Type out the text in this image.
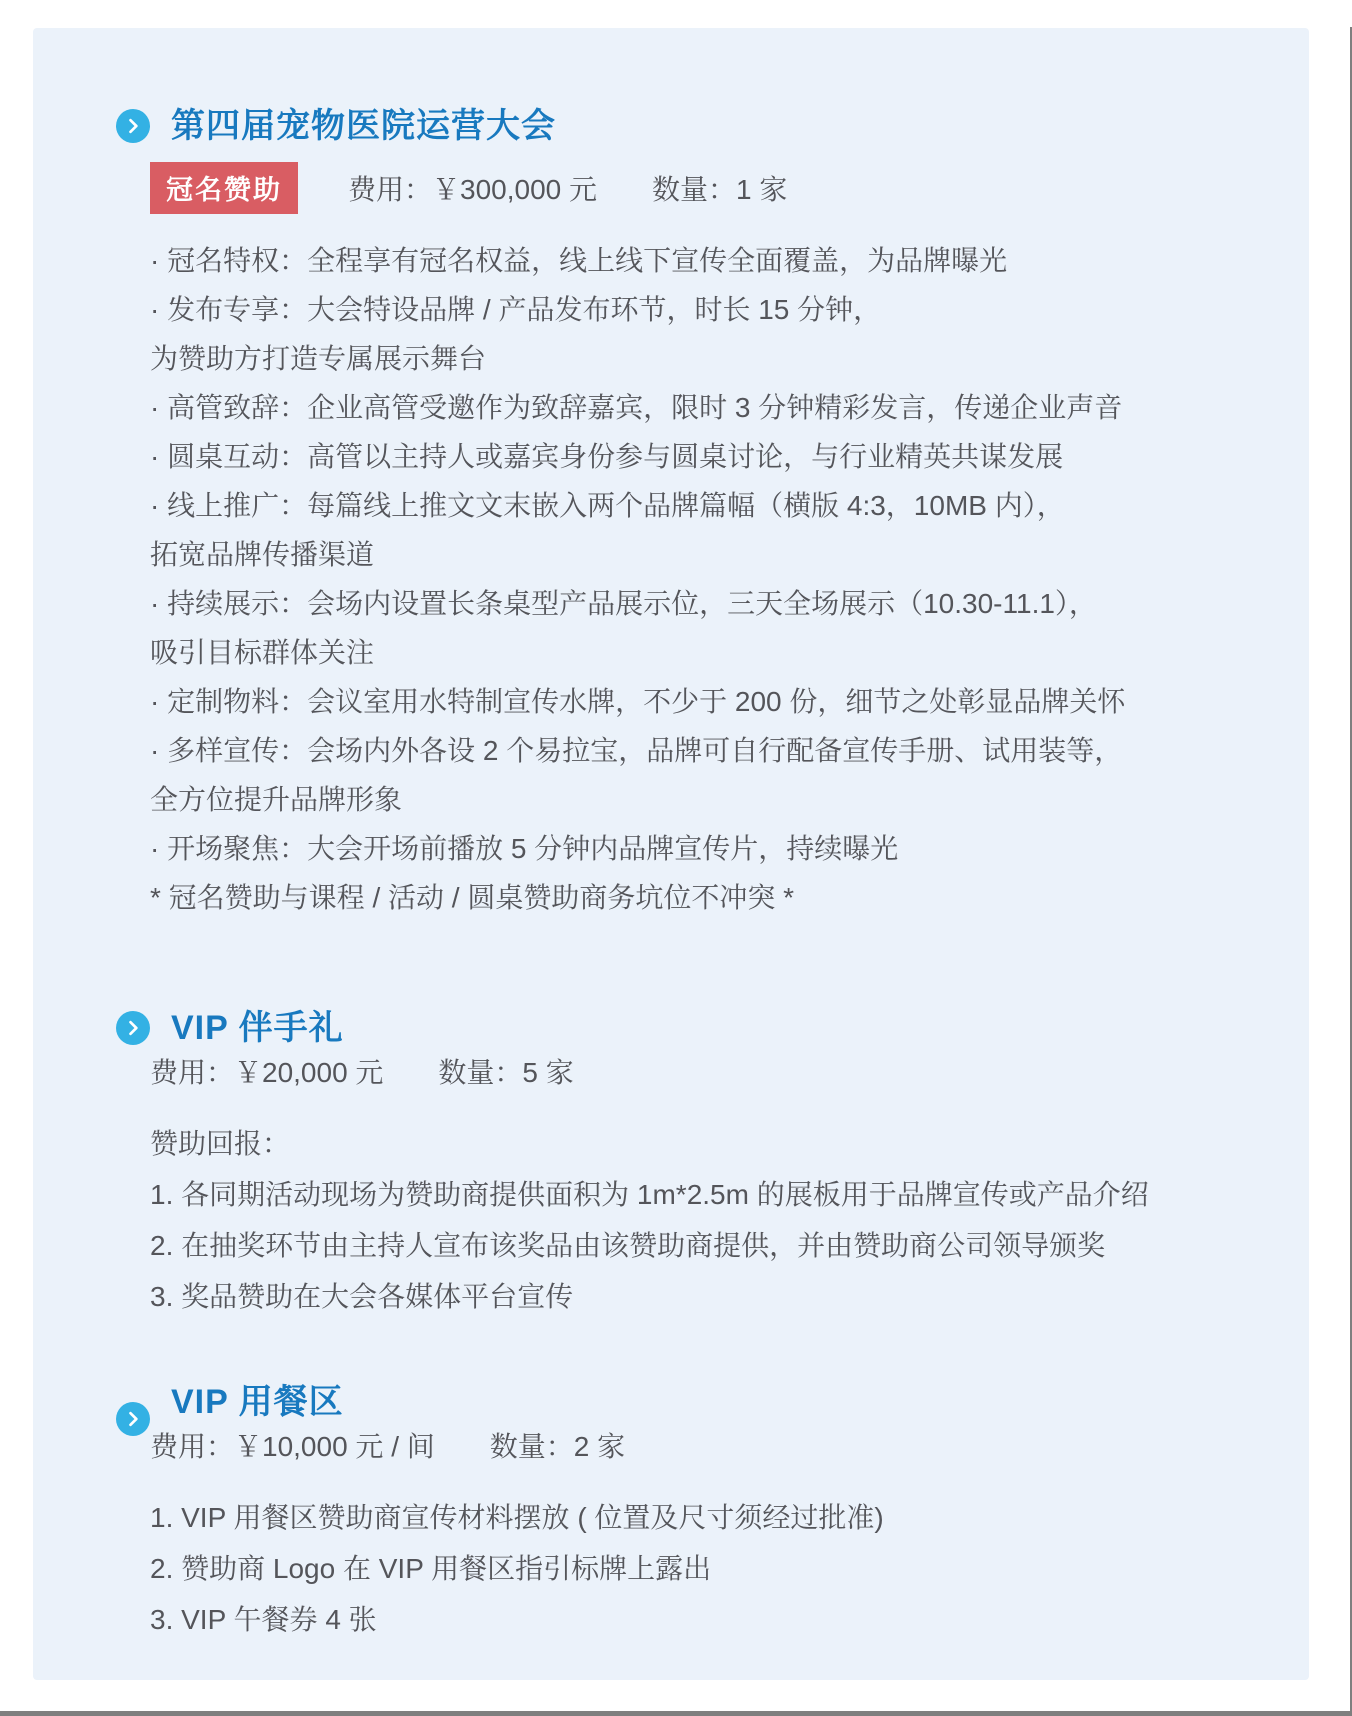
第四届宠物医院运营大会
冠名赞助	费用：￥300,000 元 数量：1 家
· 冠名特权：全程享有冠名权益，线上线下宣传全面覆盖，为品牌曝光
· 发布专享：大会特设品牌 / 产品发布环节，时长 15 分钟，
为赞助方打造专属展示舞台
· 高管致辞：企业高管受邀作为致辞嘉宾，限时 3 分钟精彩发言，传递企业声音
· 圆桌互动：高管以主持人或嘉宾身份参与圆桌讨论，与行业精英共谋发展
· 线上推广：每篇线上推文文末嵌入两个品牌篇幅（横版 4:3，10MB 内），
拓宽品牌传播渠道
· 持续展示：会场内设置长条桌型产品展示位，三天全场展示（10.30-11.1），
吸引目标群体关注
· 定制物料：会议室用水特制宣传水牌，不少于 200 份，细节之处彰显品牌关怀
· 多样宣传：会场内外各设 2 个易拉宝，品牌可自行配备宣传手册、试用装等，
全方位提升品牌形象
· 开场聚焦：大会开场前播放 5 分钟内品牌宣传片，持续曝光
* 冠名赞助与课程 / 活动 / 圆桌赞助商务坑位不冲突 *
VIP 伴手礼
费用：￥20,000 元 数量：5 家
赞助回报：
1. 各同期活动现场为赞助商提供面积为 1m*2.5m 的展板用于品牌宣传或产品介绍
2. 在抽奖环节由主持人宣布该奖品由该赞助商提供，并由赞助商公司领导颁奖
3. 奖品赞助在大会各媒体平台宣传
VIP 用餐区
费用：￥10,000 元 / 间 数量：2 家
1. VIP 用餐区赞助商宣传材料摆放 ( 位置及尺寸须经过批准)
2. 赞助商 Logo 在 VIP 用餐区指引标牌上露出
3. VIP 午餐券 4 张
